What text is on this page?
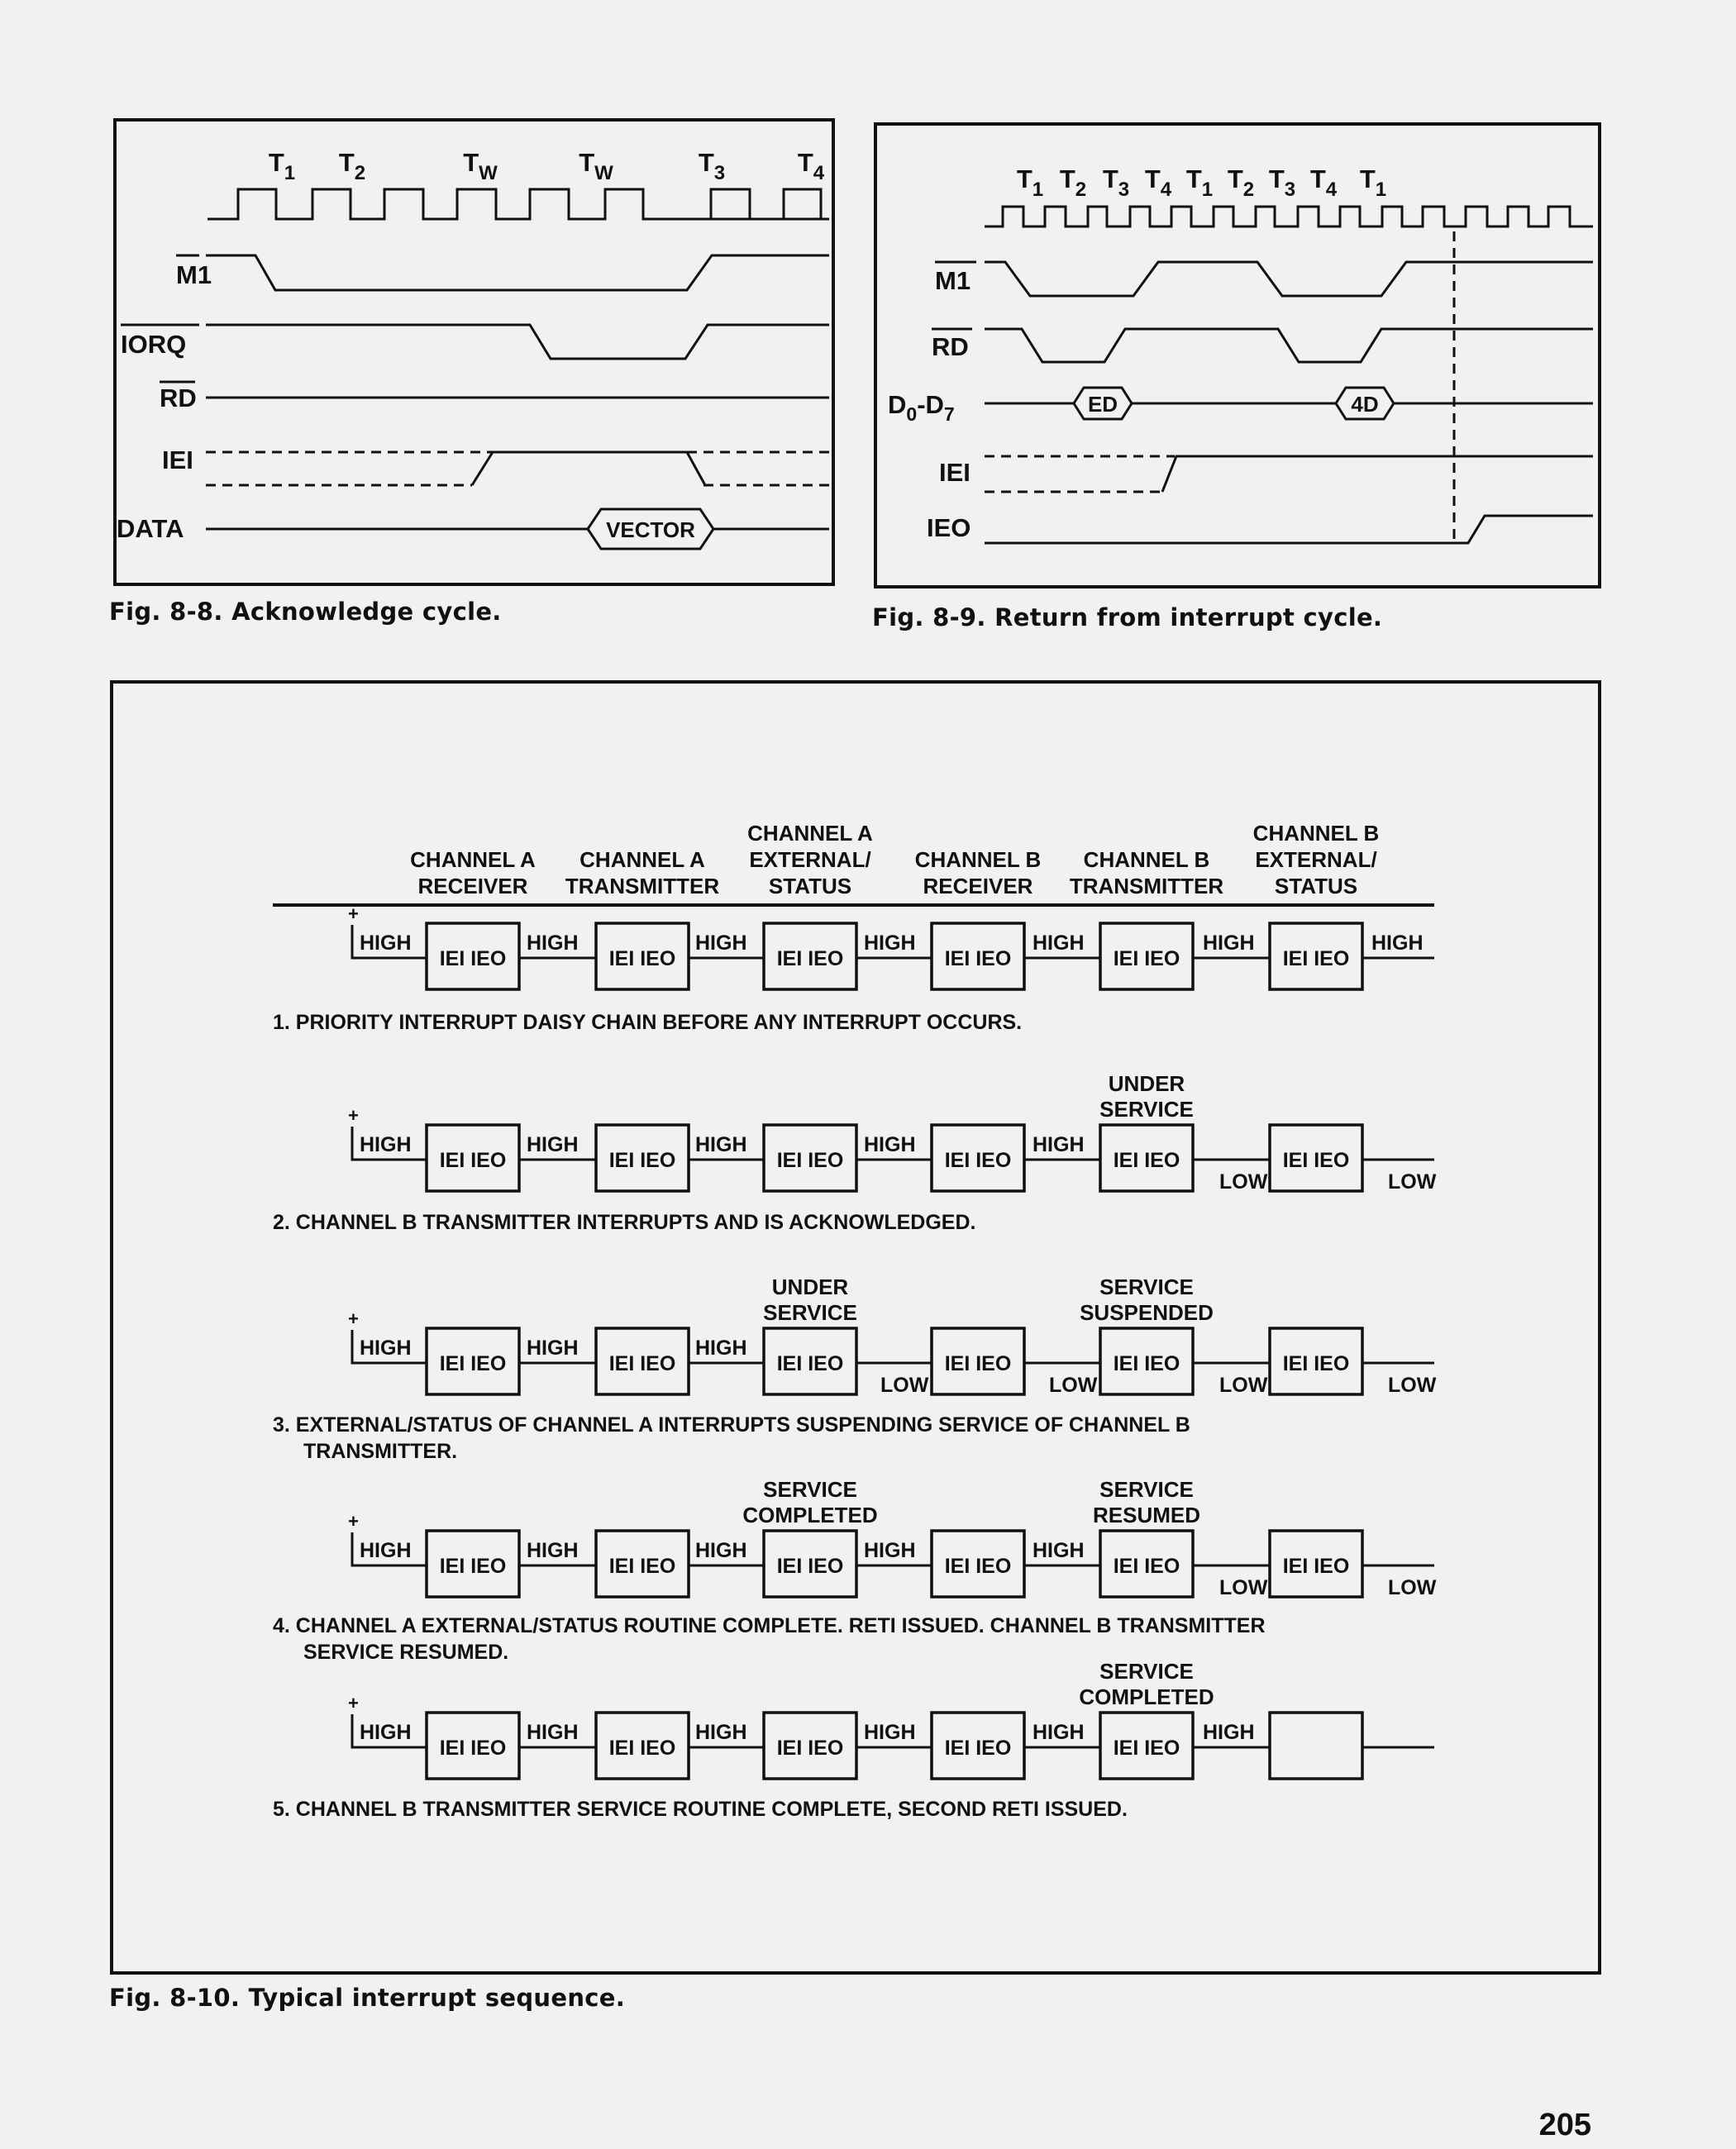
$T_1$ $T_2$	$T_W$	$T_W$	$T_3$	$T_4$
M1
IORQ
RD
IEI
DATA	VECTOR
Fig. 8-8. Acknowledge cycle.
$T_1$ $T_2$ $T_3$ $T_4$ $T_1$ $T_2$ $T_3$ $T_4$ $T_1$
M1
RD
$D_0-D_7$	ED	4D
IEI
IEO
Fig. 8-9. Return from interrupt cycle.
CHANNEL A
RECEIVER
CHANNEL A
TRANSMITTER
CHANNEL A
EXTERNAL/
STATUS
CHANNEL B
RECEIVER
CHANNEL B
TRANSMITTER
CHANNEL B
EXTERNAL/
STATUS
+
IEI IEO	IEI IEO	IEI IEO	IEI IEO	IEI IEO	IEI IEO
HIGH	HIGH	HIGH	HIGH	HIGH	HIGH	HIGH
1. PRIORITY INTERRUPT DAISY CHAIN BEFORE ANY INTERRUPT OCCURS.
+
IEI IEO	IEI IEO	IEI IEO	IEI IEO	IEI IEO
UNDER
SERVICE
IEI IEO
HIGH	HIGH	HIGH	HIGH	HIGH
LOW	LOW
2. CHANNEL B TRANSMITTER INTERRUPTS AND IS ACKNOWLEDGED.
+
IEI IEO	IEI IEO	IEI IEO
UNDER
SERVICE
IEI IEO	IEI IEO
SERVICE
SUSPENDED
IEI IEO
HIGH	HIGH	HIGH
LOW	LOW	LOW	LOW
3. EXTERNAL/STATUS OF CHANNEL A INTERRUPTS SUSPENDING SERVICE OF CHANNEL B
TRANSMITTER.
+
IEI IEO	IEI IEO	IEI IEO
SERVICE
COMPLETED
IEI IEO	IEI IEO
SERVICE
RESUMED
IEI IEO
HIGH	HIGH	HIGH	HIGH	HIGH
LOW	LOW
4. CHANNEL A EXTERNAL/STATUS ROUTINE COMPLETE. RETI ISSUED. CHANNEL B TRANSMITTER
SERVICE RESUMED.
+
IEI IEO	IEI IEO	IEI IEO	IEI IEO	IEI IEO
SERVICE
COMPLETED
HIGH	HIGH	HIGH	HIGH	HIGH	HIGH
5. CHANNEL B TRANSMITTER SERVICE ROUTINE COMPLETE, SECOND RETI ISSUED.
Fig. 8-10. Typical interrupt sequence.
205
